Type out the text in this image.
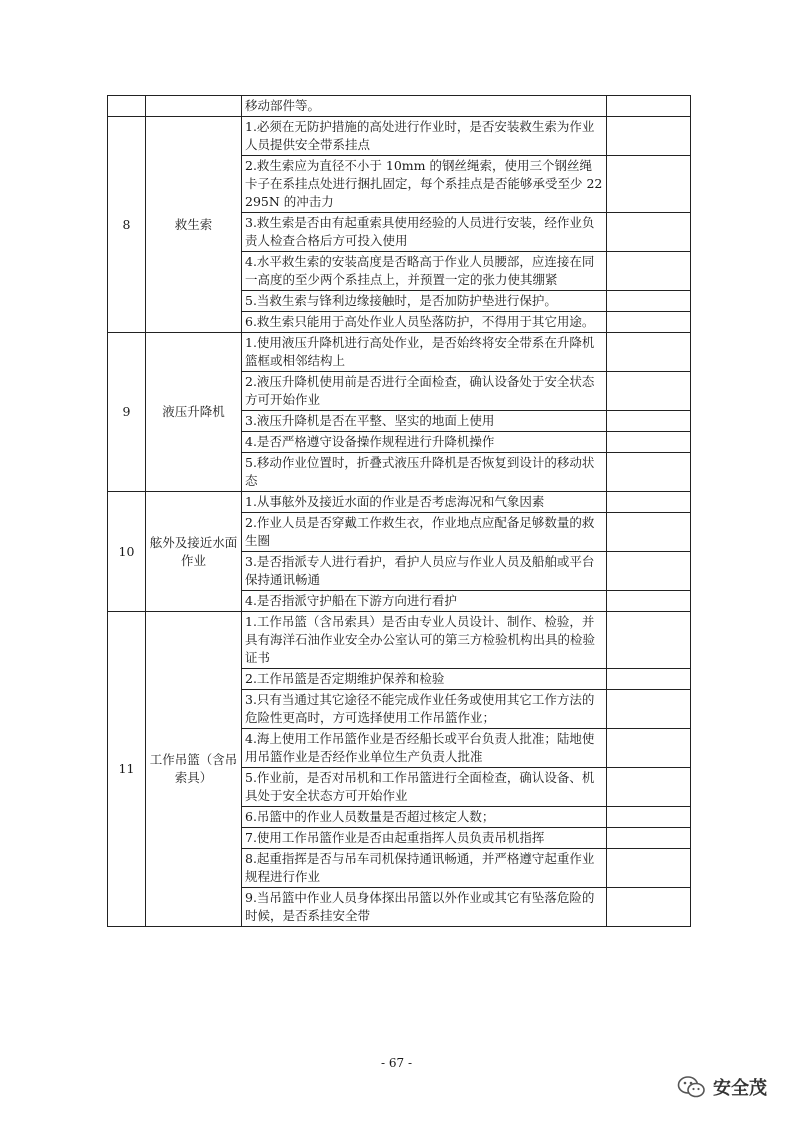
		移动部件等。	
8	救生索	1.必须在无防护措施的高处进行作业时，是否安装救生索为作业人员提供安全带系挂点	
		2.救生索应为直径不小于 10mm 的钢丝绳索，使用三个钢丝绳卡子在系挂点处进行捆扎固定，每个系挂点是否能够承受至少 22295N 的冲击力	
		3.救生索是否由有起重索具使用经验的人员进行安装，经作业负责人检查合格后方可投入使用	
		4.水平救生索的安装高度是否略高于作业人员腰部，应连接在同一高度的至少两个系挂点上，并预置一定的张力使其绷紧	
		5.当救生索与锋利边缘接触时，是否加防护垫进行保护。	
		6.救生索只能用于高处作业人员坠落防护，不得用于其它用途。	
9	液压升降机	1.使用液压升降机进行高处作业，是否始终将安全带系在升降机篮框或相邻结构上	
		2.液压升降机使用前是否进行全面检查，确认设备处于安全状态方可开始作业	
		3.液压升降机是否在平整、坚实的地面上使用	
		4.是否严格遵守设备操作规程进行升降机操作	
		5.移动作业位置时，折叠式液压升降机是否恢复到设计的移动状态	
10	舷外及接近水面作业	1.从事舷外及接近水面的作业是否考虑海况和气象因素	
		2.作业人员是否穿戴工作救生衣，作业地点应配备足够数量的救生圈	
		3.是否指派专人进行看护，看护人员应与作业人员及船舶或平台保持通讯畅通	
		4.是否指派守护船在下游方向进行看护	
11	工作吊篮（含吊索具）	1.工作吊篮（含吊索具）是否由专业人员设计、制作、检验，并具有海洋石油作业安全办公室认可的第三方检验机构出具的检验证书	
		2.工作吊篮是否定期维护保养和检验	
		3.只有当通过其它途径不能完成作业任务或使用其它工作方法的危险性更高时，方可选择使用工作吊篮作业；	
		4.海上使用工作吊篮作业是否经船长或平台负责人批准；陆地使用吊篮作业是否经作业单位生产负责人批准	
		5.作业前，是否对吊机和工作吊篮进行全面检查，确认设备、机具处于安全状态方可开始作业	
		6.吊篮中的作业人员数量是否超过核定人数；	
		7.使用工作吊篮作业是否由起重指挥人员负责吊机指挥	
		8.起重指挥是否与吊车司机保持通讯畅通，并严格遵守起重作业规程进行作业	
		9.当吊篮中作业人员身体探出吊篮以外作业或其它有坠落危险的时候，是否系挂安全带	
- 67 -
安全茂
